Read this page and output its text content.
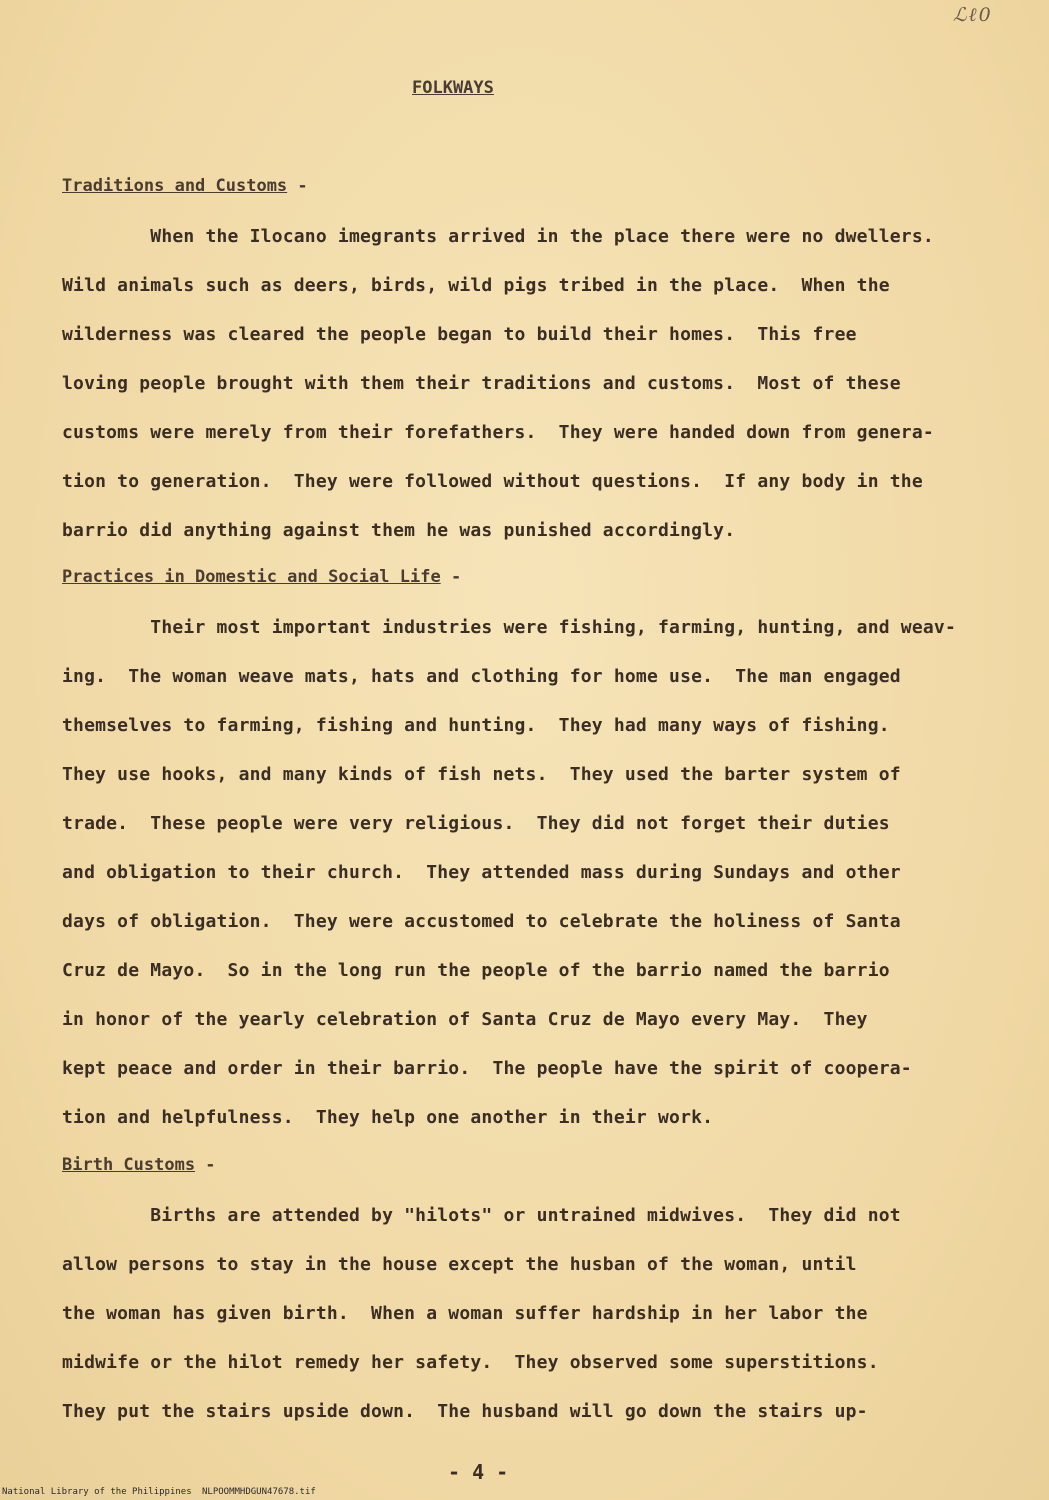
ℒℓ0
FOLKWAYS
Traditions and Customs -
When the Ilocano imegrants arrived in the place there were no dwellers.
Wild animals such as deers, birds, wild pigs tribed in the place.  When the
wilderness was cleared the people began to build their homes.  This free
loving people brought with them their traditions and customs.  Most of these
customs were merely from their forefathers.  They were handed down from genera-
tion to generation.  They were followed without questions.  If any body in the
barrio did anything against them he was punished accordingly.
Practices in Domestic and Social Life -
Their most important industries were fishing, farming, hunting, and weav-
ing.  The woman weave mats, hats and clothing for home use.  The man engaged
themselves to farming, fishing and hunting.  They had many ways of fishing.
They use hooks, and many kinds of fish nets.  They used the barter system of
trade.  These people were very religious.  They did not forget their duties
and obligation to their church.  They attended mass during Sundays and other
days of obligation.  They were accustomed to celebrate the holiness of Santa
Cruz de Mayo.  So in the long run the people of the barrio named the barrio
in honor of the yearly celebration of Santa Cruz de Mayo every May.  They
kept peace and order in their barrio.  The people have the spirit of coopera-
tion and helpfulness.  They help one another in their work.
Birth Customs -
Births are attended by "hilots" or untrained midwives.  They did not
allow persons to stay in the house except the husban of the woman, until
the woman has given birth.  When a woman suffer hardship in her labor the
midwife or the hilot remedy her safety.  They observed some superstitions.
They put the stairs upside down.  The husband will go down the stairs up-
- 4 -
National Library of the Philippines NLPOOMMHDGUN47678.tif
